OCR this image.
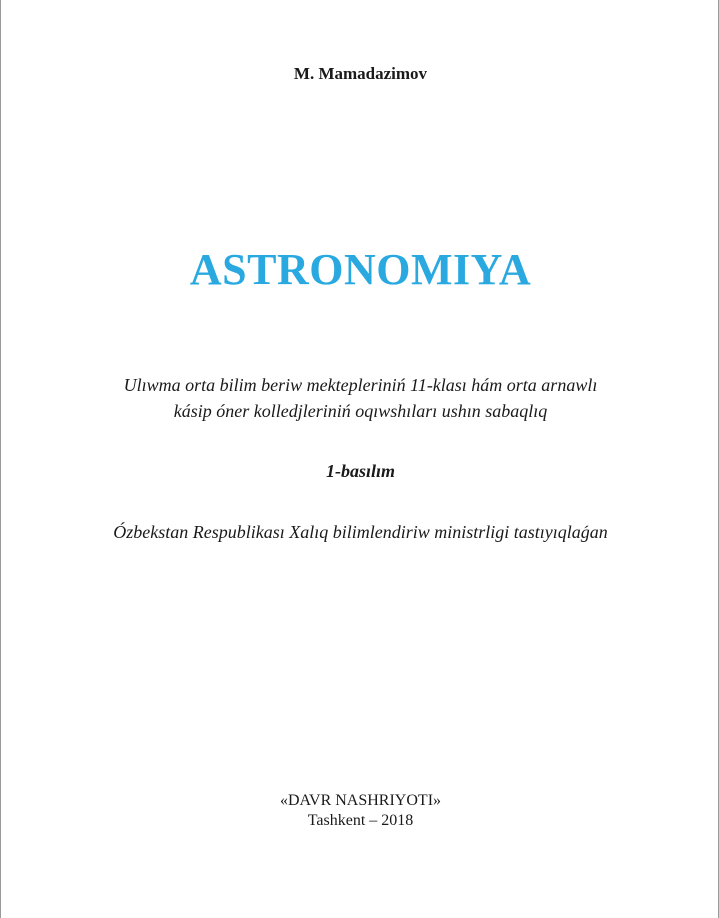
M. Mamadazimov
ASTRONOMIYA
Ulıwma orta bilim beriw mektepleriniń 11-klası hám orta arnawlı
kásip óner kolledjleriniń oqıwshıları ushın sabaqlıq
1-basılım
Ózbekstan Respublikası Xalıq bilimlendiriw ministrligi tastıyıqlaǵan
«DAVR NASHRIYOTI»
Tashkent – 2018
